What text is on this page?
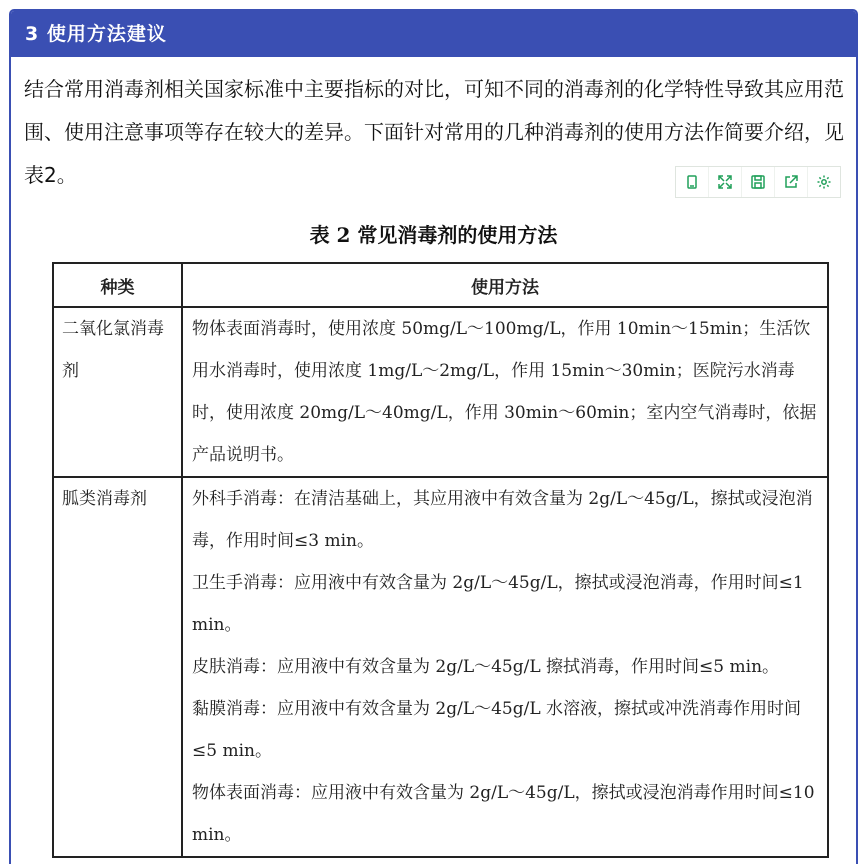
3 使用方法建议
结合常用消毒剂相关国家标准中主要指标的对比，可知不同的消毒剂的化学特性导致其应用范围、使用注意事项等存在较大的差异。下面针对常用的几种消毒剂的使用方法作简要介绍，见表2。
表 2 常见消毒剂的使用方法
种类	使用方法
二氧化氯消毒剂	物体表面消毒时，使用浓度 50mg/L～100mg/L，作用 10min～15min；生活饮用水消毒时，使用浓度 1mg/L～2mg/L，作用 15min～30min；医院污水消毒时，使用浓度 20mg/L～40mg/L，作用 30min～60min；室内空气消毒时，依据产品说明书。

胍类消毒剂	外科手消毒：在清洁基础上，其应用液中有效含量为 2g/L～45g/L，擦拭或浸泡消毒，作用时间≤3 min。
卫生手消毒：应用液中有效含量为 2g/L～45g/L，擦拭或浸泡消毒，作用时间≤1 min。
皮肤消毒：应用液中有效含量为 2g/L～45g/L 擦拭消毒，作用时间≤5 min。
黏膜消毒：应用液中有效含量为 2g/L～45g/L 水溶液，擦拭或冲洗消毒作用时间≤5 min。
物体表面消毒：应用液中有效含量为 2g/L～45g/L，擦拭或浸泡消毒作用时间≤10 min。
